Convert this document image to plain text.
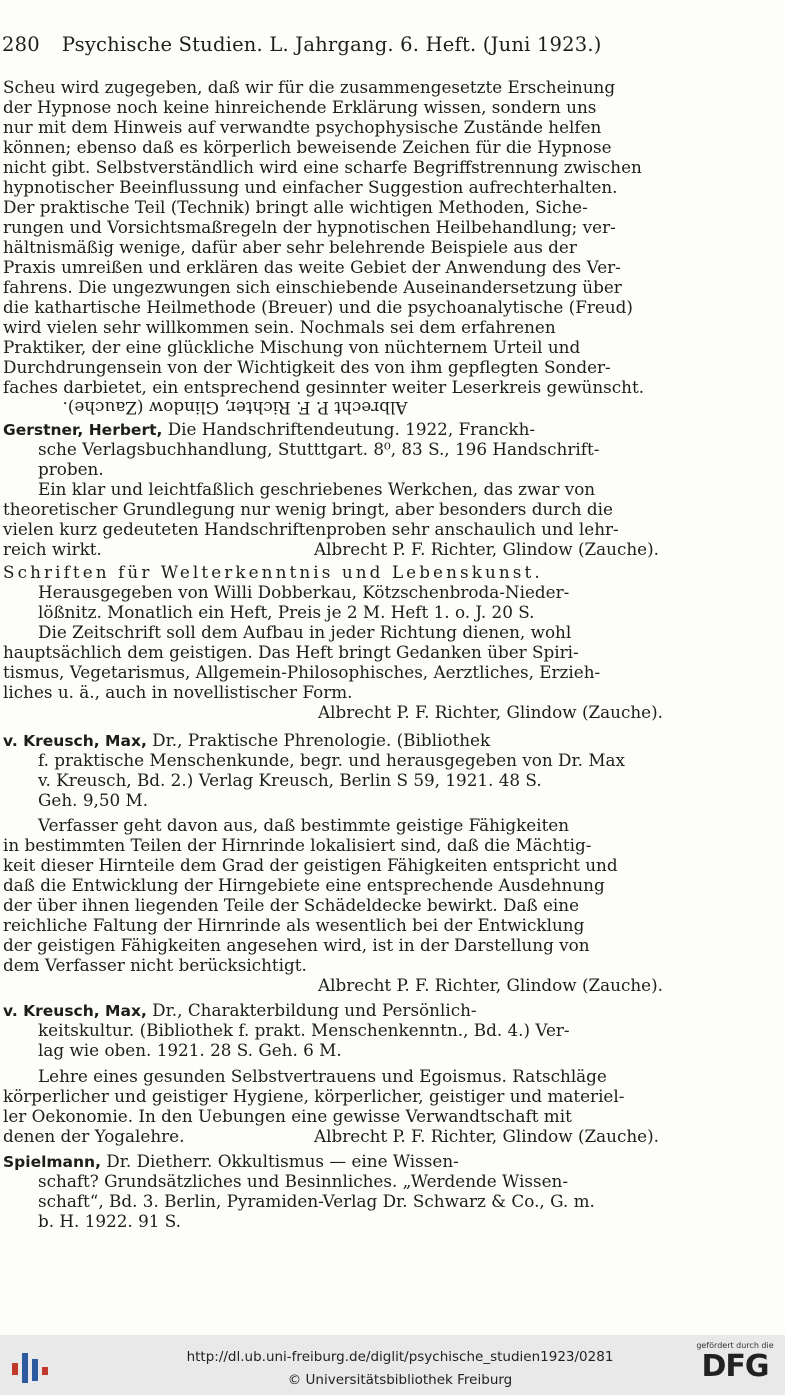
280 Psychische Studien. L. Jahrgang. 6. Heft. (Juni 1923.)
Scheu wird zugegeben, daß wir für die zusammengesetzte Erscheinung
der Hypnose noch keine hinreichende Erklärung wissen, sondern uns
nur mit dem Hinweis auf verwandte psychophysische Zustände helfen
können; ebenso daß es körperlich beweisende Zeichen für die Hypnose
nicht gibt. Selbstverständlich wird eine scharfe Begriffstrennung zwischen
hypnotischer Beeinflussung und einfacher Suggestion aufrechterhalten.
Der praktische Teil (Technik) bringt alle wichtigen Methoden, Siche-
rungen und Vorsichtsmaßregeln der hypnotischen Heilbehandlung; ver-
hältnismäßig wenige, dafür aber sehr belehrende Beispiele aus der
Praxis umreißen und erklären das weite Gebiet der Anwendung des Ver-
fahrens. Die ungezwungen sich einschiebende Auseinandersetzung über
die kathartische Heilmethode (Breuer) und die psychoanalytische (Freud)
wird vielen sehr willkommen sein. Nochmals sei dem erfahrenen
Praktiker, der eine glückliche Mischung von nüchternem Urteil und
Durchdrungensein von der Wichtigkeit des von ihm gepflegten Sonder-
faches darbietet, ein entsprechend gesinnter weiter Leserkreis gewünscht.
Albrecht P. F. Richter, Glindow (Zauche).
Gerstner, Herbert, Die Handschriftendeutung. 1922, Franckh-
sche Verlagsbuchhandlung, Stutttgart. 8⁰, 83 S., 196 Handschrift-
proben.
Ein klar und leichtfaßlich geschriebenes Werkchen, das zwar von
theoretischer Grundlegung nur wenig bringt, aber besonders durch die
vielen kurz gedeuteten Handschriftenproben sehr anschaulich und lehr-
reich wirkt.	Albrecht P. F. Richter, Glindow (Zauche).
Schriften für Welterkenntnis und Lebenskunst.
Herausgegeben von Willi Dobberkau, Kötzschenbroda-Nieder-
lößnitz. Monatlich ein Heft, Preis je 2 M. Heft 1. o. J. 20 S.
Die Zeitschrift soll dem Aufbau in jeder Richtung dienen, wohl
hauptsächlich dem geistigen. Das Heft bringt Gedanken über Spiri-
tismus, Vegetarismus, Allgemein-Philosophisches, Aerztliches, Erzieh-
liches u. ä., auch in novellistischer Form.
Albrecht P. F. Richter, Glindow (Zauche).
v. Kreusch, Max, Dr., Praktische Phrenologie. (Bibliothek
f. praktische Menschenkunde, begr. und herausgegeben von Dr. Max
v. Kreusch, Bd. 2.) Verlag Kreusch, Berlin S 59, 1921. 48 S.
Geh. 9,50 M.
Verfasser geht davon aus, daß bestimmte geistige Fähigkeiten
in bestimmten Teilen der Hirnrinde lokalisiert sind, daß die Mächtig-
keit dieser Hirnteile dem Grad der geistigen Fähigkeiten entspricht und
daß die Entwicklung der Hirngebiete eine entsprechende Ausdehnung
der über ihnen liegenden Teile der Schädeldecke bewirkt. Daß eine
reichliche Faltung der Hirnrinde als wesentlich bei der Entwicklung
der geistigen Fähigkeiten angesehen wird, ist in der Darstellung von
dem Verfasser nicht berücksichtigt.
Albrecht P. F. Richter, Glindow (Zauche).
v. Kreusch, Max, Dr., Charakterbildung und Persönlich-
keitskultur. (Bibliothek f. prakt. Menschenkenntn., Bd. 4.) Ver-
lag wie oben. 1921. 28 S. Geh. 6 M.
Lehre eines gesunden Selbstvertrauens und Egoismus. Ratschläge
körperlicher und geistiger Hygiene, körperlicher, geistiger und materiel-
ler Oekonomie. In den Uebungen eine gewisse Verwandtschaft mit
denen der Yogalehre.	Albrecht P. F. Richter, Glindow (Zauche).
Spielmann, Dr. Dietherr. Okkultismus — eine Wissen-
schaft? Grundsätzliches und Besinnliches. „Werdende Wissen-
schaft“, Bd. 3. Berlin, Pyramiden-Verlag Dr. Schwarz & Co., G. m.
b. H. 1922. 91 S.
http://dl.ub.uni-freiburg.de/diglit/psychische_studien1923/0281
© Universitätsbibliothek Freiburg
gefördert durch die
DFG
